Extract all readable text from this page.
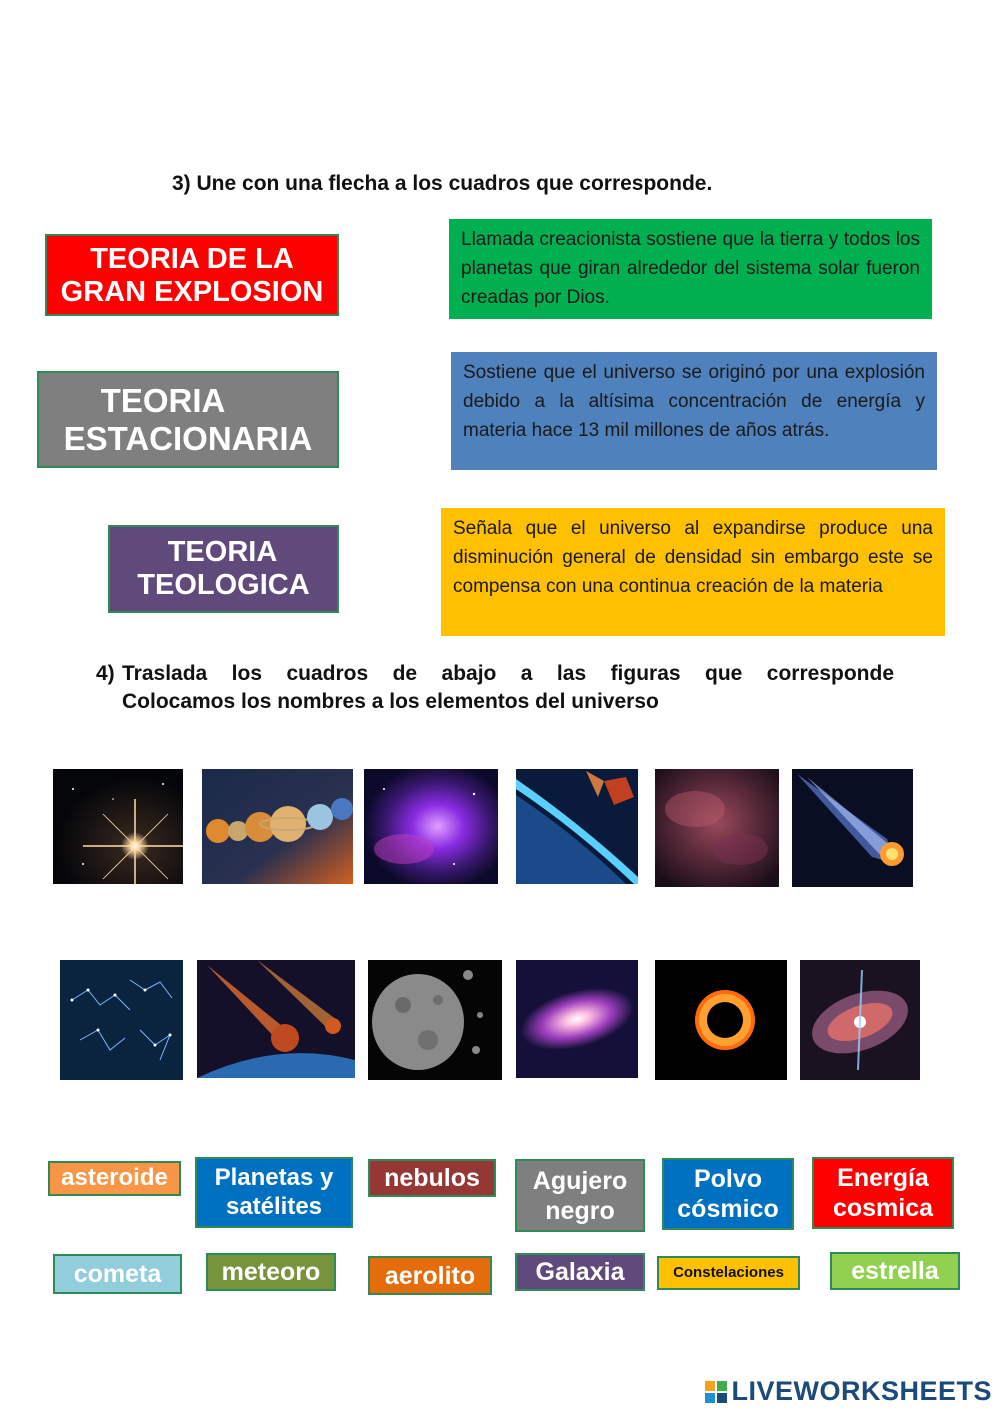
3) Une con una flecha a los cuadros que corresponde.
TEORIA DE LA
GRAN EXPLOSION
TEORIA
ESTACIONARIA
TEORIA
TEOLOGICA
Llamada creacionista sostiene que la tierra y todos los planetas que giran alrededor del sistema solar fueron creadas por Dios.
Sostiene que el universo se originó por una explosión debido a la altísima concentración de energía y materia hace 13 mil millones de años atrás.
Señala que el universo al expandirse produce una disminución general de densidad sin embargo este se compensa con una continua creación de la materia
4) Traslada los cuadros de abajo a las figuras que corresponde
Colocamos los nombres a los elementos del universo
asteroide	Planetas y satélites
nebulos	Agujero negro
Polvo cósmico
Energía cosmica
cometa	meteoro	aerolito	Galaxia	Constelaciones	estrella
LIVEWORKSHEETS
